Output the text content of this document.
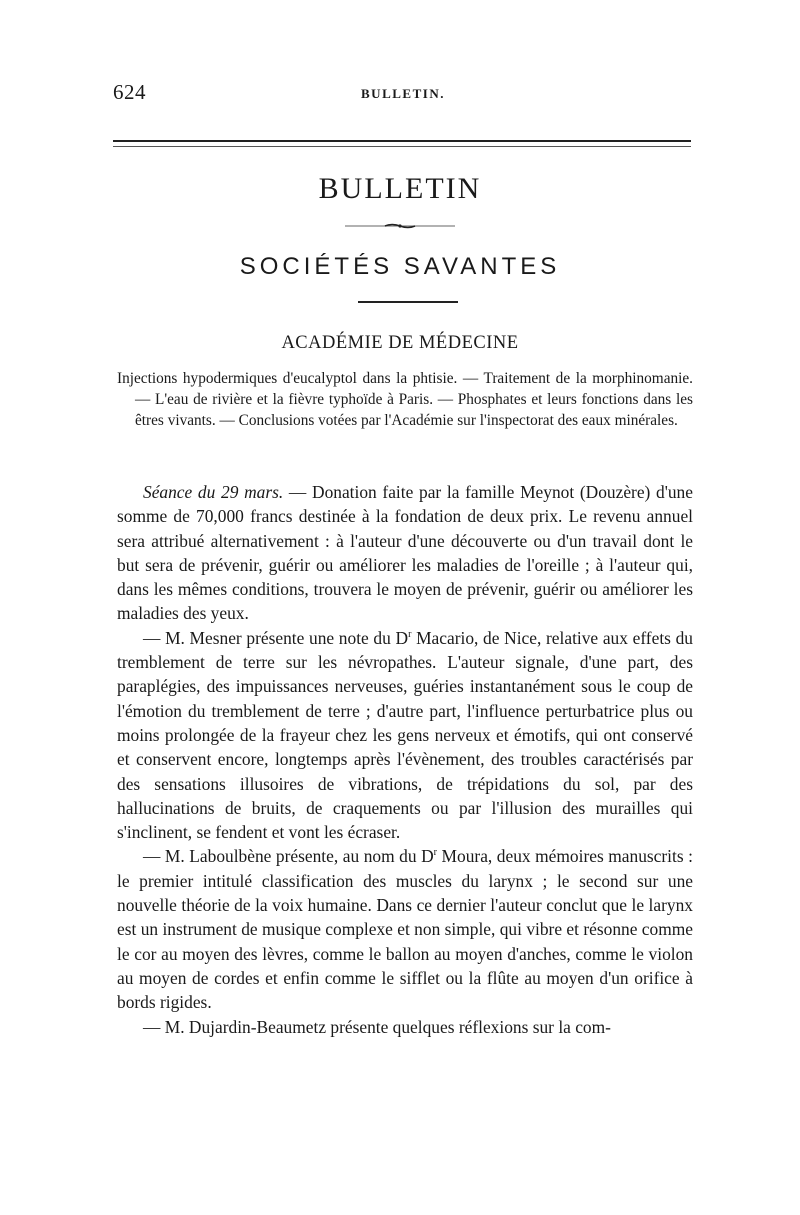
624	BULLETIN.
BULLETIN
SOCIÉTÉS SAVANTES
ACADÉMIE DE MÉDECINE
Injections hypodermiques d'eucalyptol dans la phtisie. — Traitement de la morphinomanie. — L'eau de rivière et la fièvre typhoïde à Paris. — Phosphates et leurs fonctions dans les êtres vivants. — Conclusions votées par l'Académie sur l'inspectorat des eaux minérales.

Séance du 29 mars. — Donation faite par la famille Meynot (Douzère) d'une somme de 70,000 francs destinée à la fondation de deux prix. Le revenu annuel sera attribué alternativement : à l'auteur d'une découverte ou d'un travail dont le but sera de prévenir, guérir ou améliorer les maladies de l'oreille ; à l'auteur qui, dans les mêmes conditions, trouvera le moyen de prévenir, guérir ou améliorer les maladies des yeux.

— M. Mesner présente une note du $D^r$ Macario, de Nice, relative aux effets du tremblement de terre sur les névropathes. L'auteur signale, d'une part, des paraplégies, des impuissances nerveuses, guéries instantanément sous le coup de l'émotion du tremblement de terre ; d'autre part, l'influence perturbatrice plus ou moins prolongée de la frayeur chez les gens nerveux et émotifs, qui ont conservé et conservent encore, longtemps après l'évènement, des troubles caractérisés par des sensations illusoires de vibrations, de trépidations du sol, par des hallucinations de bruits, de craquements ou par l'illusion des murailles qui s'inclinent, se fendent et vont les écraser.

— M. Laboulbène présente, au nom du $D^r$ Moura, deux mémoires manuscrits : le premier intitulé classification des muscles du larynx ; le second sur une nouvelle théorie de la voix humaine. Dans ce dernier l'auteur conclut que le larynx est un instrument de musique complexe et non simple, qui vibre et résonne comme le cor au moyen des lèvres, comme le ballon au moyen d'anches, comme le violon au moyen de cordes et enfin comme le sifflet ou la flûte au moyen d'un orifice à bords rigides.

— M. Dujardin-Beaumetz présente quelques réflexions sur la com-
